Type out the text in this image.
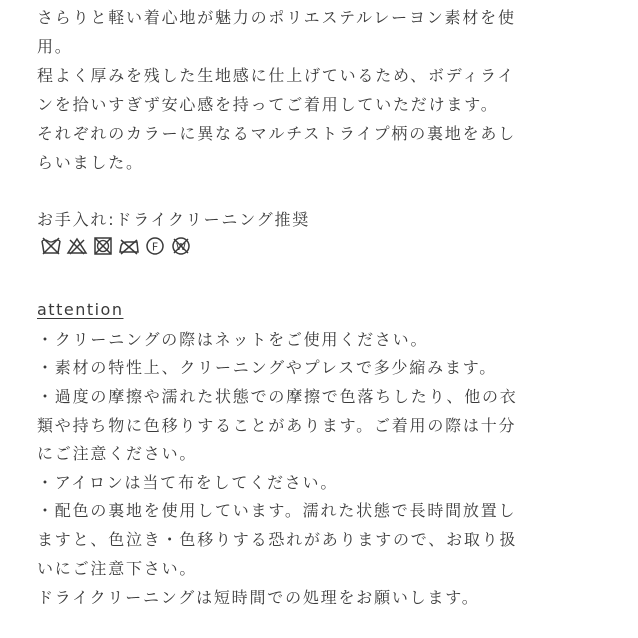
さらりと軽い着心地が魅力のポリエステルレーヨン素材を使
用。
程よく厚みを残した生地感に仕上げているため、ボディライ
ンを拾いすぎず安心感を持ってご着用していただけます。
それぞれのカラーに異なるマルチストライプ柄の裏地をあし
らいました。
お手入れ:ドライクリーニング推奨
F W
attention
・クリーニングの際はネットをご使用ください。
・素材の特性上、クリーニングやプレスで多少縮みます。
・過度の摩擦や濡れた状態での摩擦で色落ちしたり、他の衣
類や持ち物に色移りすることがあります。ご着用の際は十分
にご注意ください。
・アイロンは当て布をしてください。
・配色の裏地を使用しています。濡れた状態で長時間放置し
ますと、色泣き・色移りする恐れがありますので、お取り扱
いにご注意下さい。
ドライクリーニングは短時間での処理をお願いします。
